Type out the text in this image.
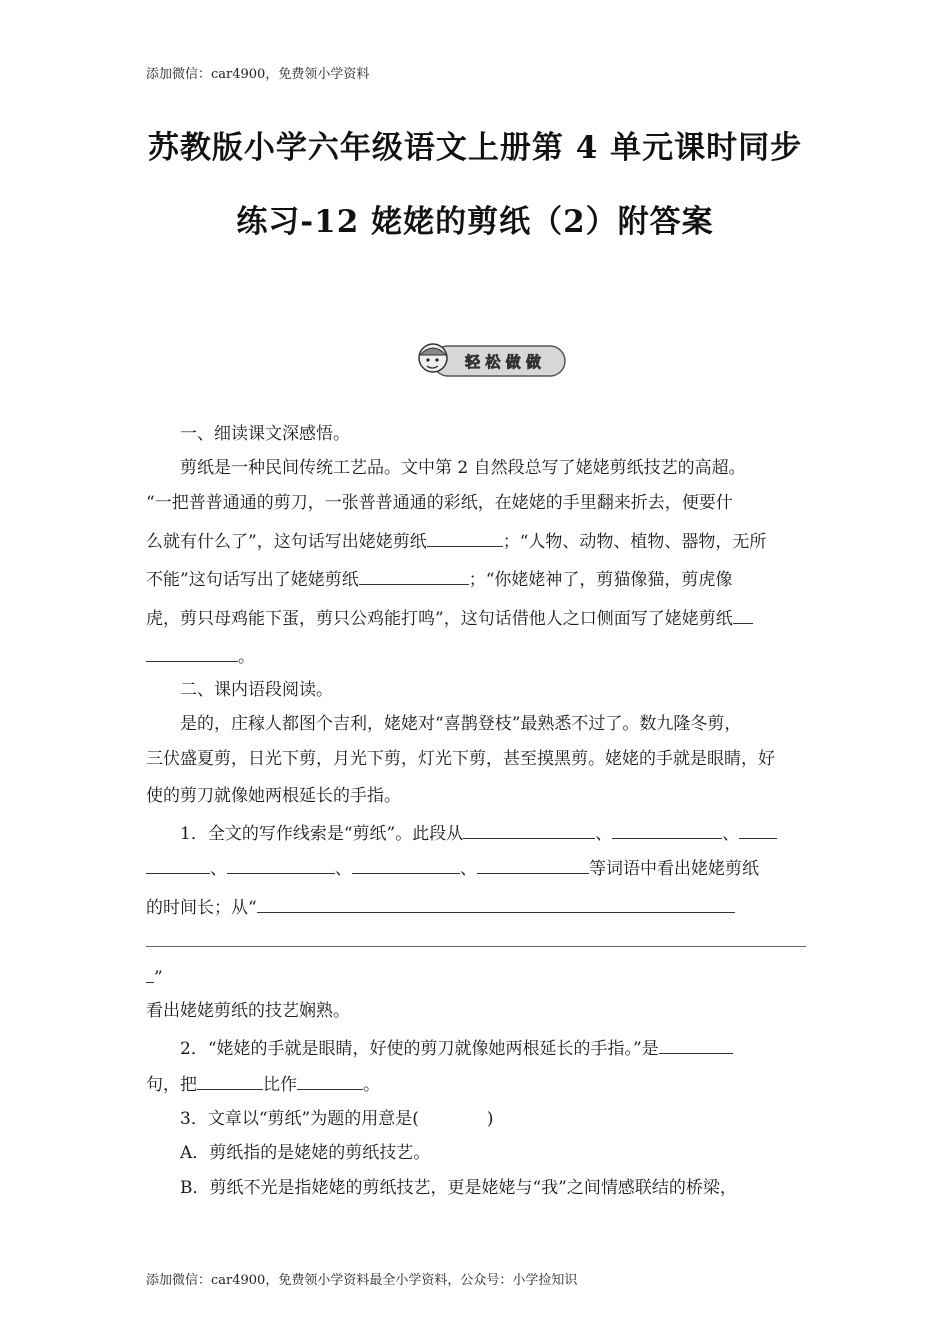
添加微信：car4900，免费领小学资料
苏教版小学六年级语文上册第 4 单元课时同步
练习-12 姥姥的剪纸（2）附答案
轻 松 做 做
一、细读课文深感悟。
剪纸是一种民间传统工艺品。文中第 2 自然段总写了姥姥剪纸技艺的高超。
“一把普普通通的剪刀，一张普普通通的彩纸，在姥姥的手里翻来折去，便要什
么就有什么了”，这句话写出姥姥剪纸	；“人物、动物、植物、器物，无所
不能”这句话写出了姥姥剪纸	；“你姥姥神了，剪猫像猫，剪虎像
虎，剪只母鸡能下蛋，剪只公鸡能打鸣”，这句话借他人之口侧面写了姥姥剪纸
。
二、课内语段阅读。
是的，庄稼人都图个吉利，姥姥对“喜鹊登枝”最熟悉不过了。数九隆冬剪，
三伏盛夏剪，日光下剪，月光下剪，灯光下剪，甚至摸黑剪。姥姥的手就是眼睛，好
使的剪刀就像她两根延长的手指。
1．全文的写作线索是“剪纸”。此段从	、	、
、	、	、	等词语中看出姥姥剪纸
的时间长；从“
”
看出姥姥剪纸的技艺娴熟。
2．“姥姥的手就是眼睛，好使的剪刀就像她两根延长的手指。”是
句，把	比作	。
3．文章以“剪纸”为题的用意是(　　　　)
A．剪纸指的是姥姥的剪纸技艺。
B．剪纸不光是指姥姥的剪纸技艺，更是姥姥与“我”之间情感联结的桥梁，
添加微信：car4900，免费领小学资料最全小学资料，公众号：小学捡知识
